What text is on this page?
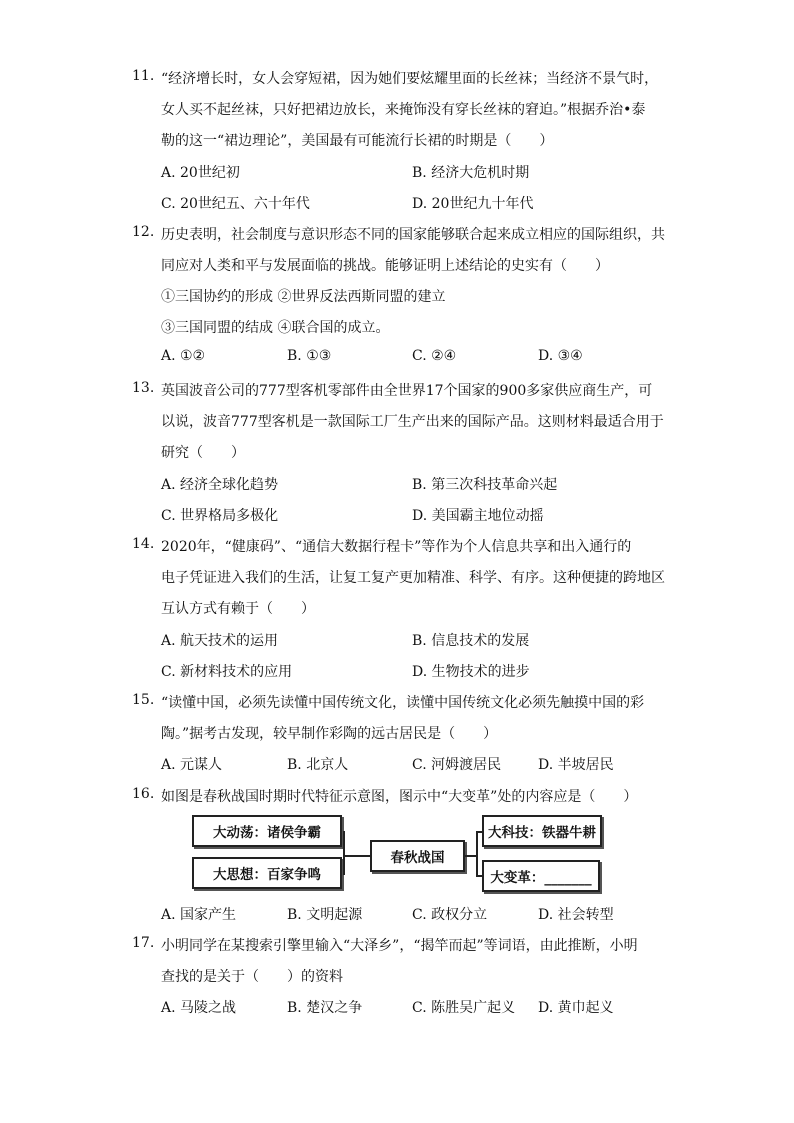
11. “经济增长时，女人会穿短裙，因为她们要炫耀里面的长丝袜；当经济不景气时，
女人买不起丝袜，只好把裙边放长，来掩饰没有穿长丝袜的窘迫。”根据乔治•泰
勒的这一“裙边理论”，美国最有可能流行长裙的时期是（　　）
A. 20世纪初	B. 经济大危机时期
C. 20世纪五、六十年代	D. 20世纪九十年代
12. 历史表明，社会制度与意识形态不同的国家能够联合起来成立相应的国际组织，共
同应对人类和平与发展面临的挑战。能够证明上述结论的史实有（　　）
①三国协约的形成 ②世界反法西斯同盟的建立
③三国同盟的结成 ④联合国的成立。
A. ①②	B. ①③	C. ②④	D. ③④
13. 英国波音公司的777型客机零部件由全世界17个国家的900多家供应商生产，可
以说，波音777型客机是一款国际工厂生产出来的国际产品。这则材料最适合用于
研究（　　）
A. 经济全球化趋势	B. 第三次科技革命兴起
C. 世界格局多极化	D. 美国霸主地位动摇
14. 2020年，“健康码”、“通信大数据行程卡”等作为个人信息共享和出入通行的
电子凭证进入我们的生活，让复工复产更加精准、科学、有序。这种便捷的跨地区
互认方式有赖于（　　）
A. 航天技术的运用	B. 信息技术的发展
C. 新材料技术的应用	D. 生物技术的进步
15. “读懂中国，必须先读懂中国传统文化，读懂中国传统文化必须先触摸中国的彩
陶。”据考古发现，较早制作彩陶的远古居民是（　　）
A. 元谋人	B. 北京人	C. 河姆渡居民	D. 半坡居民
16. 如图是春秋战国时期时代特征示意图，图示中“大变革”处的内容应是（　　）
A. 国家产生	B. 文明起源	C. 政权分立	D. 社会转型
大动荡：诸侯争霸
大思想：百家争鸣
春秋战国
大科技：铁器牛耕
大变革：_______
17. 小明同学在某搜索引擎里输入“大泽乡”，“揭竿而起”等词语，由此推断，小明
查找的是关于（　　）的资料
A. 马陵之战	B. 楚汉之争	C. 陈胜吴广起义 D. 黄巾起义
